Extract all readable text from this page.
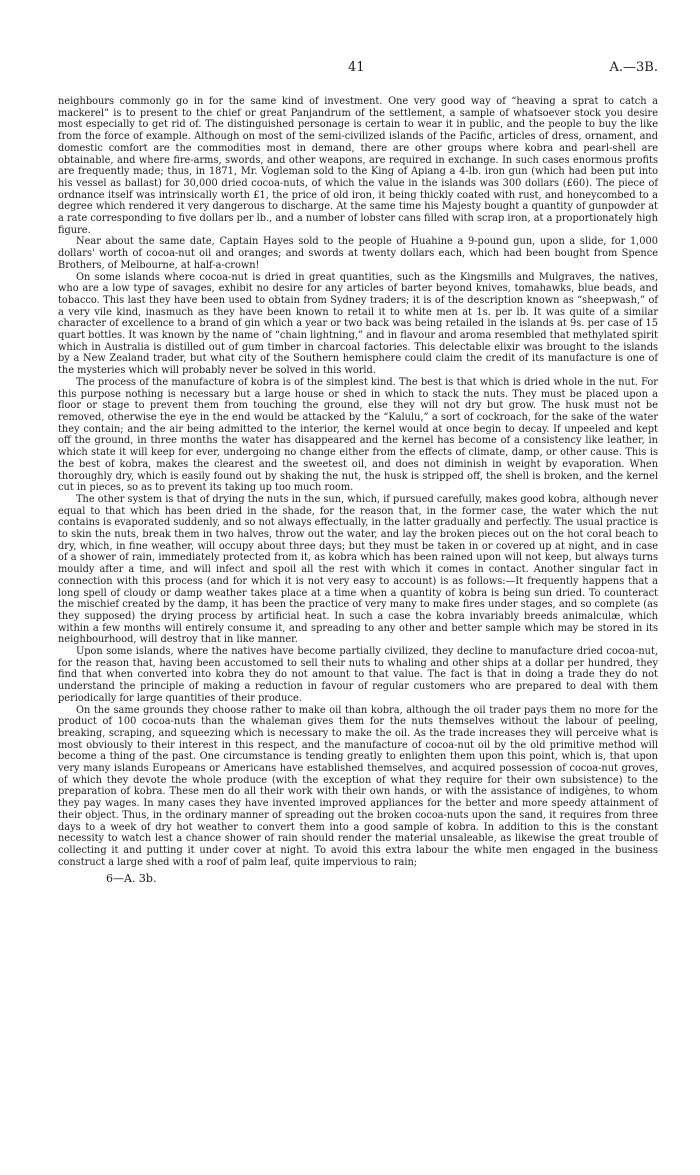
41	A.—3B.

neighbours commonly go in for the same kind of investment. One very good way of “heaving a sprat to catch a mackerel” is to present to the chief or great Panjandrum of the settlement, a sample of whatsoever stock you desire most especially to get rid of. The distinguished personage is certain to wear it in public, and the people to buy the like from the force of example. Although on most of the semi-civilized islands of the Pacific, articles of dress, ornament, and domestic comfort are the commodities most in demand, there are other groups where kobra and pearl-shell are obtainable, and where fire-arms, swords, and other weapons, are required in exchange. In such cases enormous profits are frequently made; thus, in 1871, Mr. Vogleman sold to the King of Apiang a 4-lb. iron gun (which had been put into his vessel as ballast) for 30,000 dried cocoa-nuts, of which the value in the islands was 300 dollars (£60). The piece of ordnance itself was intrinsically worth £1, the price of old iron, it being thickly coated with rust, and honeycombed to a degree which rendered it very dangerous to discharge. At the same time his Majesty bought a quantity of gunpowder at a rate corresponding to five dollars per lb., and a number of lobster cans filled with scrap iron, at a proportionately high figure.

Near about the same date, Captain Hayes sold to the people of Huahine a 9-pound gun, upon a slide, for 1,000 dollars' worth of cocoa-nut oil and oranges; and swords at twenty dollars each, which had been bought from Spence Brothers, of Melbourne, at half-a-crown!

On some islands where cocoa-nut is dried in great quantities, such as the Kingsmills and Mulgraves, the natives, who are a low type of savages, exhibit no desire for any articles of barter beyond knives, tomahawks, blue beads, and tobacco. This last they have been used to obtain from Sydney traders; it is of the description known as “sheepwash,” of a very vile kind, inasmuch as they have been known to retail it to white men at 1s. per lb. It was quite of a similar character of excellence to a brand of gin which a year or two back was being retailed in the islands at 9s. per case of 15 quart bottles. It was known by the name of “chain lightning,” and in flavour and aroma resembled that methylated spirit which in Australia is distilled out of gum timber in charcoal factories. This delectable elixir was brought to the islands by a New Zealand trader, but what city of the Southern hemisphere could claim the credit of its manufacture is one of the mysteries which will probably never be solved in this world.

The process of the manufacture of kobra is of the simplest kind. The best is that which is dried whole in the nut. For this purpose nothing is necessary but a large house or shed in which to stack the nuts. They must be placed upon a floor or stage to prevent them from touching the ground, else they will not dry but grow. The husk must not be removed, otherwise the eye in the end would be attacked by the “Kalulu,” a sort of cockroach, for the sake of the water they contain; and the air being admitted to the interior, the kernel would at once begin to decay. If unpeeled and kept off the ground, in three months the water has disappeared and the kernel has become of a consistency like leather, in which state it will keep for ever, undergoing no change either from the effects of climate, damp, or other cause. This is the best of kobra, makes the clearest and the sweetest oil, and does not diminish in weight by evaporation. When thoroughly dry, which is easily found out by shaking the nut, the husk is stripped off, the shell is broken, and the kernel cut in pieces, so as to prevent its taking up too much room.

The other system is that of drying the nuts in the sun, which, if pursued carefully, makes good kobra, although never equal to that which has been dried in the shade, for the reason that, in the former case, the water which the nut contains is evaporated suddenly, and so not always effectually, in the latter gradually and perfectly. The usual practice is to skin the nuts, break them in two halves, throw out the water, and lay the broken pieces out on the hot coral beach to dry, which, in fine weather, will occupy about three days; but they must be taken in or covered up at night, and in case of a shower of rain, immediately protected from it, as kobra which has been rained upon will not keep, but always turns mouldy after a time, and will infect and spoil all the rest with which it comes in contact. Another singular fact in connection with this process (and for which it is not very easy to account) is as follows:—It frequently happens that a long spell of cloudy or damp weather takes place at a time when a quantity of kobra is being sun dried. To counteract the mischief created by the damp, it has been the practice of very many to make fires under stages, and so complete (as they supposed) the drying process by artificial heat. In such a case the kobra invariably breeds animalculæ, which within a few months will entirely consume it, and spreading to any other and better sample which may be stored in its neighbourhood, will destroy that in like manner.

Upon some islands, where the natives have become partially civilized, they decline to manufacture dried cocoa-nut, for the reason that, having been accustomed to sell their nuts to whaling and other ships at a dollar per hundred, they find that when converted into kobra they do not amount to that value. The fact is that in doing a trade they do not understand the principle of making a reduction in favour of regular customers who are prepared to deal with them periodically for large quantities of their produce.

On the same grounds they choose rather to make oil than kobra, although the oil trader pays them no more for the product of 100 cocoa-nuts than the whaleman gives them for the nuts themselves without the labour of peeling, breaking, scraping, and squeezing which is necessary to make the oil. As the trade increases they will perceive what is most obviously to their interest in this respect, and the manufacture of cocoa-nut oil by the old primitive method will become a thing of the past. One circumstance is tending greatly to enlighten them upon this point, which is, that upon very many islands Europeans or Americans have established themselves, and acquired possession of cocoa-nut groves, of which they devote the whole produce (with the exception of what they require for their own subsistence) to the preparation of kobra. These men do all their work with their own hands, or with the assistance of indigènes, to whom they pay wages. In many cases they have invented improved appliances for the better and more speedy attainment of their object. Thus, in the ordinary manner of spreading out the broken cocoa-nuts upon the sand, it requires from three days to a week of dry hot weather to convert them into a good sample of kobra. In addition to this is the constant necessity to watch lest a chance shower of rain should render the material unsaleable, as likewise the great trouble of collecting it and putting it under cover at night. To avoid this extra labour the white men engaged in the business construct a large shed with a roof of palm leaf, quite impervious to rain;

6—A. 3b.
